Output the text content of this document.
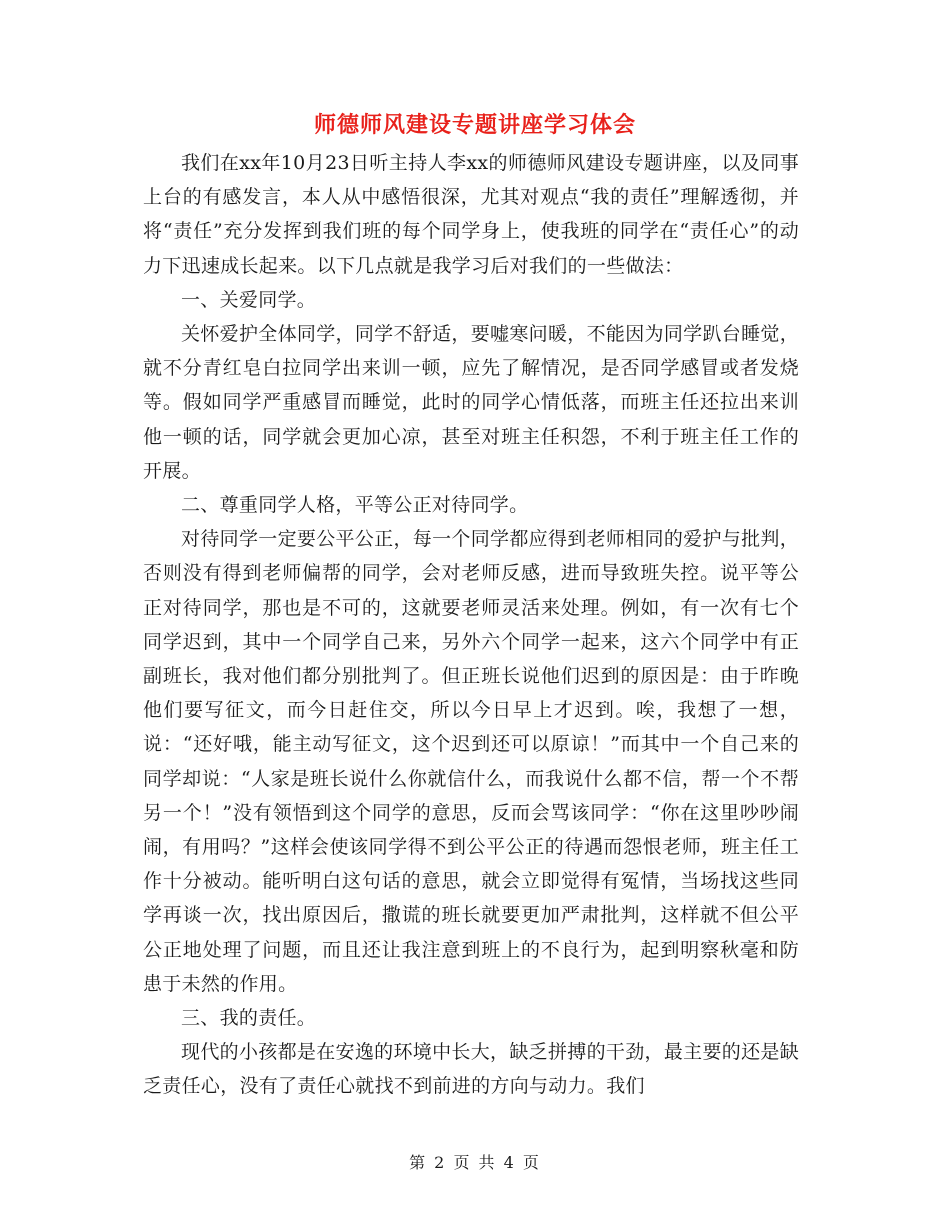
师德师风建设专题讲座学习体会

我们在xx年10月23日听主持人李xx的师德师风建设专题讲座，以及同事上台的有感发言，本人从中感悟很深，尤其对观点“我的责任”理解透彻，并将“责任”充分发挥到我们班的每个同学身上，使我班的同学在“责任心”的动力下迅速成长起来。以下几点就是我学习后对我们的一些做法：

一、关爱同学。

关怀爱护全体同学，同学不舒适，要嘘寒问暖，不能因为同学趴台睡觉，就不分青红皂白拉同学出来训一顿，应先了解情况，是否同学感冒或者发烧等。假如同学严重感冒而睡觉，此时的同学心情低落，而班主任还拉出来训他一顿的话，同学就会更加心凉，甚至对班主任积怨，不利于班主任工作的开展。

二、尊重同学人格，平等公正对待同学。

对待同学一定要公平公正，每一个同学都应得到老师相同的爱护与批判，否则没有得到老师偏帮的同学，会对老师反感，进而导致班失控。说平等公正对待同学，那也是不可的，这就要老师灵活来处理。例如，有一次有七个同学迟到，其中一个同学自己来，另外六个同学一起来，这六个同学中有正副班长，我对他们都分别批判了。但正班长说他们迟到的原因是：由于昨晚他们要写征文，而今日赶住交，所以今日早上才迟到。唉，我想了一想，说：“还好哦，能主动写征文，这个迟到还可以原谅！”而其中一个自己来的同学却说：“人家是班长说什么你就信什么，而我说什么都不信，帮一个不帮另一个！”没有领悟到这个同学的意思，反而会骂该同学：“你在这里吵吵闹闹，有用吗？”这样会使该同学得不到公平公正的待遇而怨恨老师，班主任工作十分被动。能听明白这句话的意思，就会立即觉得有冤情，当场找这些同学再谈一次，找出原因后，撒谎的班长就要更加严肃批判，这样就不但公平公正地处理了问题，而且还让我注意到班上的不良行为，起到明察秋毫和防患于未然的作用。

三、我的责任。

现代的小孩都是在安逸的环境中长大，缺乏拼搏的干劲，最主要的还是缺乏责任心，没有了责任心就找不到前进的方向与动力。我们

第 2 页 共 4 页
